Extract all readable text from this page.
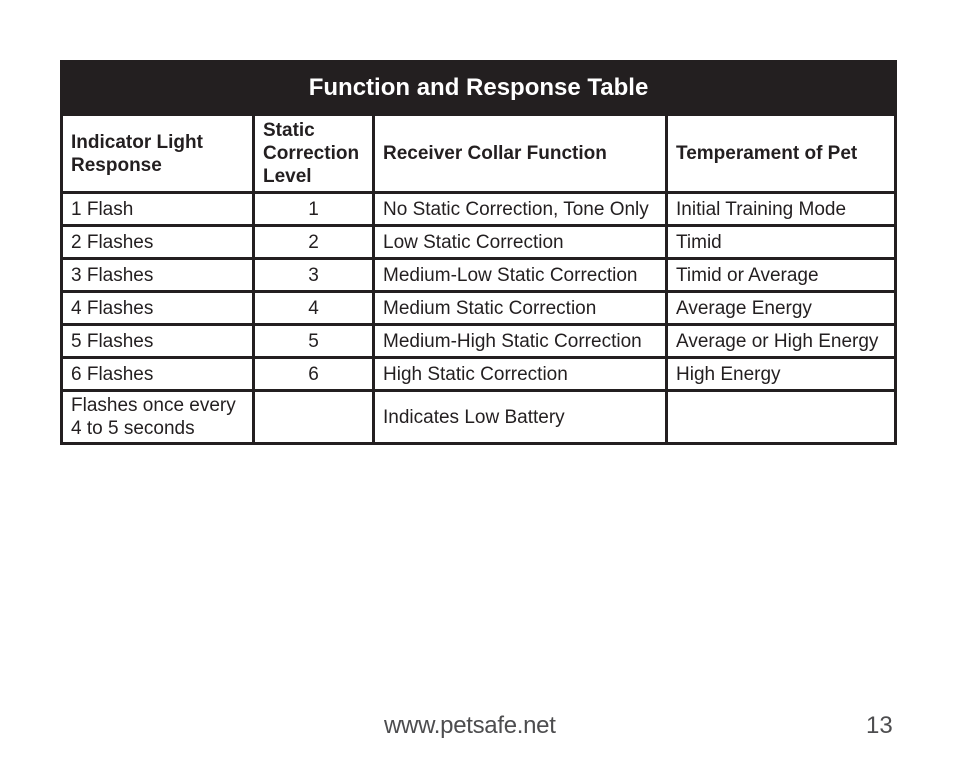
Function and Response Table			
Indicator Light Response	Static Correction Level	Receiver Collar Function	Temperament of Pet
1 Flash	1	No Static Correction, Tone Only	Initial Training Mode
2 Flashes	2	Low Static Correction	Timid
3 Flashes	3	Medium-Low Static Correction	Timid or Average
4 Flashes	4	Medium Static Correction	Average Energy
5 Flashes	5	Medium-High Static Correction	Average or High Energy
6 Flashes	6	High Static Correction	High Energy
Flashes once every 4 to 5 seconds		Indicates Low Battery	
www.petsafe.net	13
